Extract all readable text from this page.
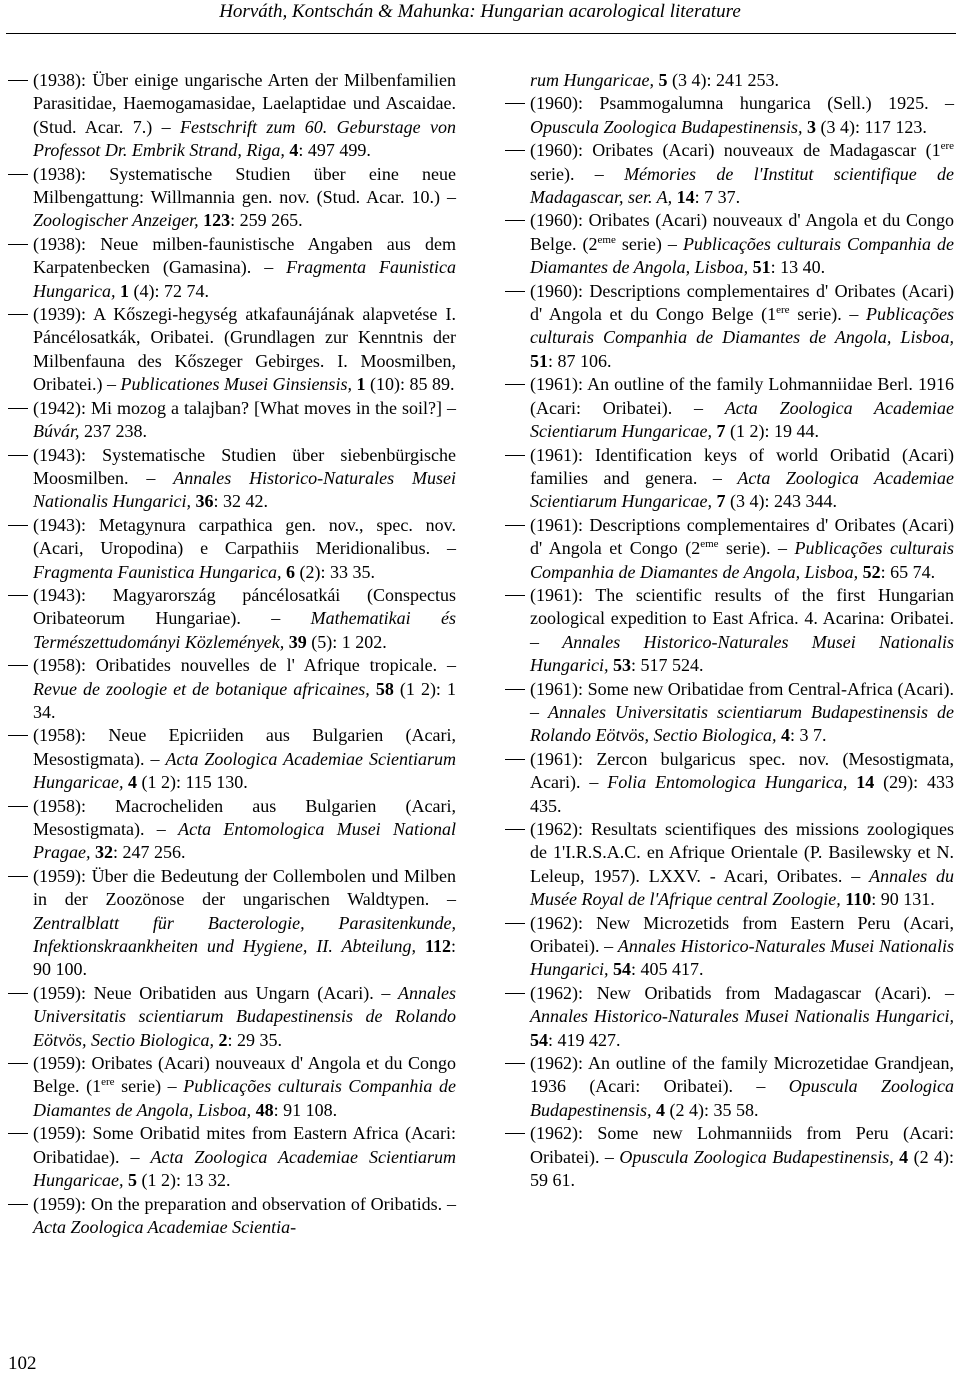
Horváth, Kontschán & Mahunka: Hungarian acarological literature

(1938): Über einige ungarische Arten der Milbenfamilien Parasitidae, Haemogamasidae, Laelaptidae und Ascaidae. (Stud. Acar. 7.) – Festschrift zum 60. Geburstage von Professot Dr. Embrik Strand, Riga, 4: 497 499.

(1938): Systematische Studien über eine neue Milbengattung: Willmannia gen. nov. (Stud. Acar. 10.) – Zoologischer Anzeiger, 123: 259 265.

(1938): Neue milben-faunistische Angaben aus dem Karpatenbecken (Gamasina). – Fragmenta Faunistica Hungarica, 1 (4): 72 74.

(1939): A Kőszegi-hegység atkafaunájának alapvetése I. Páncélosatkák, Oribatei. (Grundlagen zur Kenntnis der Milbenfauna des Kőszeger Gebirges. I. Moosmilben, Oribatei.) – Publicationes Musei Ginsiensis, 1 (10): 85 89.

(1942): Mi mozog a talajban? [What moves in the soil?] – Búvár, 237 238.

(1943): Systematische Studien über siebenbürgische Moosmilben. – Annales Historico-Naturales Musei Nationalis Hungarici, 36: 32 42.

(1943): Metagynura carpathica gen. nov., spec. nov. (Acari, Uropodina) e Carpathiis Meridionalibus. – Fragmenta Faunistica Hungarica, 6 (2): 33 35.

(1943): Magyarország páncélosatkái (Conspectus Oribateorum Hungariae). – Mathematikai és Természettudományi Közlemények, 39 (5): 1 202.

(1958): Oribatides nouvelles de l' Afrique tropicale. – Revue de zoologie et de botanique africaines, 58 (1 2): 1 34.

(1958): Neue Epicriiden aus Bulgarien (Acari, Mesostigmata). – Acta Zoologica Academiae Scientiarum Hungaricae, 4 (1 2): 115 130.

(1958): Macrocheliden aus Bulgarien (Acari, Mesostigmata). – Acta Entomologica Musei National Pragae, 32: 247 256.

(1959): Über die Bedeutung der Collembolen und Milben in der Zoozönose der ungarischen Waldtypen. – Zentralblatt für Bacterologie, Parasitenkunde, Infektionskraankheiten und Hygiene, II. Abteilung, 112: 90 100.

(1959): Neue Oribatiden aus Ungarn (Acari). – Annales Universitatis scientiarum Budapestinensis de Rolando Eötvös, Sectio Biologica, 2: 29 35.

(1959): Oribates (Acari) nouveaux d' Angola et du Congo Belge. (1ere serie) – Publicações culturais Companhia de Diamantes de Angola, Lisboa, 48: 91 108.

(1959): Some Oribatid mites from Eastern Africa (Acari: Oribatidae). – Acta Zoologica Academiae Scientiarum Hungaricae, 5 (1 2): 13 32.

(1959): On the preparation and observation of Oribatids. – Acta Zoologica Academiae Scientia-

rum Hungaricae, 5 (3 4): 241 253.

(1960): Psammogalumna hungarica (Sell.) 1925. – Opuscula Zoologica Budapestinensis, 3 (3 4): 117 123.

(1960): Oribates (Acari) nouveaux de Madagascar (1ere serie). – Mémories de l'Institut scientifique de Madagascar, ser. A, 14: 7 37.

(1960): Oribates (Acari) nouveaux d' Angola et du Congo Belge. (2eme serie) – Publicações culturais Companhia de Diamantes de Angola, Lisboa, 51: 13 40.

(1960): Descriptions complementaires d' Oribates (Acari) d' Angola et du Congo Belge (1ere serie). – Publicações culturais Companhia de Diamantes de Angola, Lisboa, 51: 87 106.

(1961): An outline of the family Lohmanniidae Berl. 1916 (Acari: Oribatei). – Acta Zoologica Academiae Scientiarum Hungaricae, 7 (1 2): 19 44.

(1961): Identification keys of world Oribatid (Acari) families and genera. – Acta Zoologica Academiae Scientiarum Hungaricae, 7 (3 4): 243 344.

(1961): Descriptions complementaires d' Oribates (Acari) d' Angola et Congo (2eme serie). – Publicações culturais Companhia de Diamantes de Angola, Lisboa, 52: 65 74.

(1961): The scientific results of the first Hungarian zoological expedition to East Africa. 4. Acarina: Oribatei. – Annales Historico-Naturales Musei Nationalis Hungarici, 53: 517 524.

(1961): Some new Oribatidae from Central-Africa (Acari). – Annales Universitatis scientiarum Budapestinensis de Rolando Eötvös, Sectio Biologica, 4: 3 7.

(1961): Zercon bulgaricus spec. nov. (Mesostigmata, Acari). – Folia Entomologica Hungarica, 14 (29): 433 435.

(1962): Resultats scientifiques des missions zoologiques de 1'I.R.S.A.C. en Afrique Orientale (P. Basilewsky et N. Leleup, 1957). LXXV. - Acari, Oribates. – Annales du Musée Royal de l'Afrique central Zoologie, 110: 90 131.

(1962): New Microzetids from Eastern Peru (Acari, Oribatei). – Annales Historico-Naturales Musei Nationalis Hungarici, 54: 405 417.

(1962): New Oribatids from Madagascar (Acari). – Annales Historico-Naturales Musei Nationalis Hungarici, 54: 419 427.

(1962): An outline of the family Microzetidae Grandjean, 1936 (Acari: Oribatei). – Opuscula Zoologica Budapestinensis, 4 (2 4): 35 58.

(1962): Some new Lohmanniids from Peru (Acari: Oribatei). – Opuscula Zoologica Budapestinensis, 4 (2 4): 59 61.

102
